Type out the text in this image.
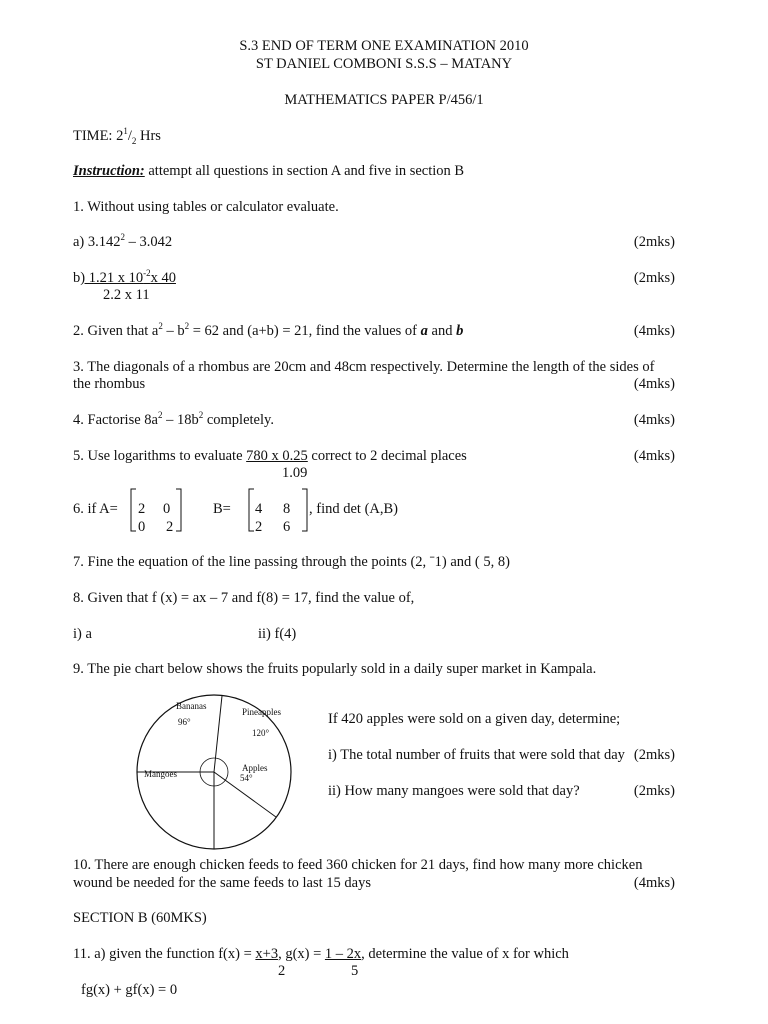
S.3 END OF TERM ONE EXAMINATION 2010
ST DANIEL COMBONI S.S.S – MATANY
MATHEMATICS PAPER P/456/1
TIME: $2^1/_2$ Hrs
Instruction: attempt all questions in section A and five in section B
1. Without using tables or calculator evaluate.
a) 3.142$^2$ – 3.042	(2mks)
b) 1.21 x $10^{-2}x$ 40
2.2 x 11
(2mks)
2. Given that $a^2 - b^2 = 62$ and (a+b) = 21, find the values of a and b	(4mks)
3. The diagonals of a rhombus are 20cm and 48cm respectively. Determine the length of the sides of
the rhombus	(4mks)
4. Factorise $8a^2 - 18b^2$ completely.	(4mks)
5. Use logarithms to evaluate 780 x 0.25 correct to 2 decimal places
1.09
(4mks)
6. if A= 2 0
0 2
B= 4 8
2 6
, find det (A,B)
7. Fine the equation of the line passing through the points (2, ˉ1) and ( 5, 8)
8. Given that f (x) = ax – 7 and f(8) = 17, find the value of,
i) a	ii) f(4)
9. The pie chart below shows the fruits popularly sold in a daily super market in Kampala.
Bananas
96°
Pineapples
120°
Apples
54°
Mangoes
If 420 apples were sold on a given day, determine;
i) The total number of fruits that were sold that day (2mks)
ii) How many mangoes were sold that day?	(2mks)
10. There are enough chicken feeds to feed 360 chicken for 21 days, find how many more chicken
wound be needed for the same feeds to last 15 days	(4mks)
SECTION B (60MKS)
11. a) given the function f(x) = x+3, g(x) = 1 – 2x, determine the value of x for which
2	5
fg(x) + gf(x) = 0
